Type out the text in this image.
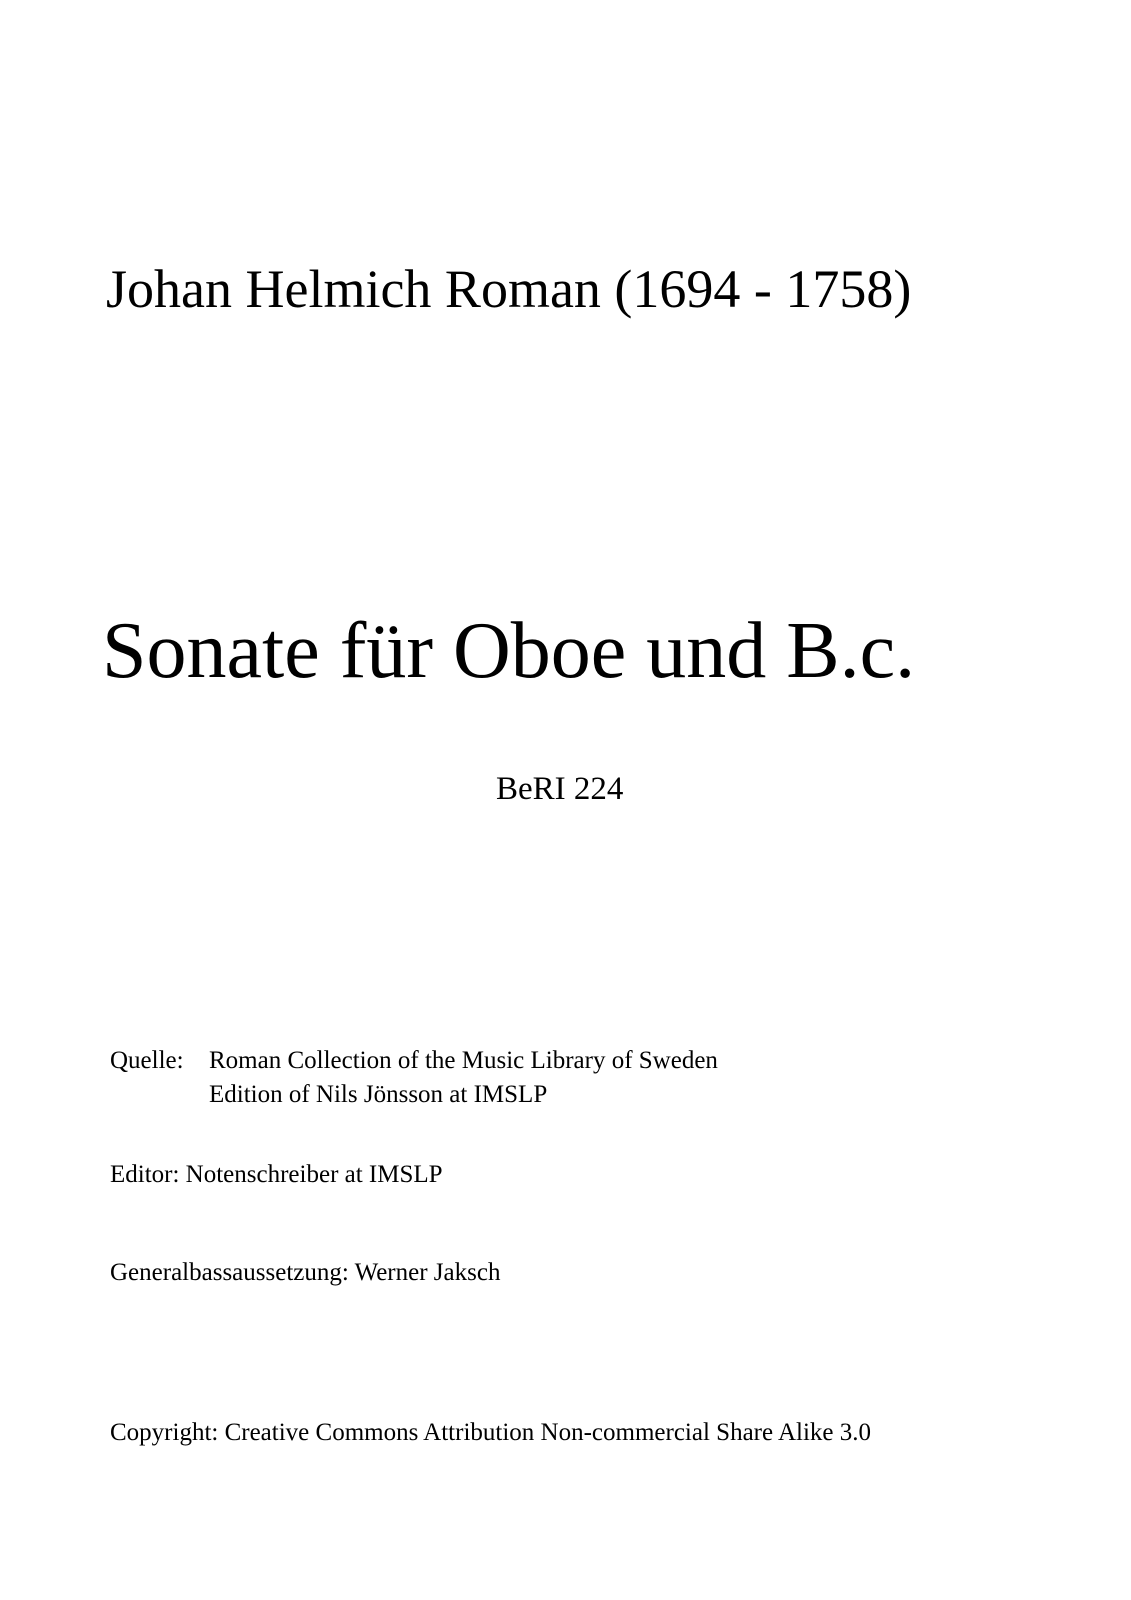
Johan Helmich Roman (1694 - 1758)
Sonate für Oboe und B.c.
BeRI 224
Quelle: Roman Collection of the Music Library of Sweden
Edition of Nils Jönsson at IMSLP
Editor: Notenschreiber at IMSLP
Generalbassaussetzung: Werner Jaksch
Copyright: Creative Commons Attribution Non-commercial Share Alike 3.0
